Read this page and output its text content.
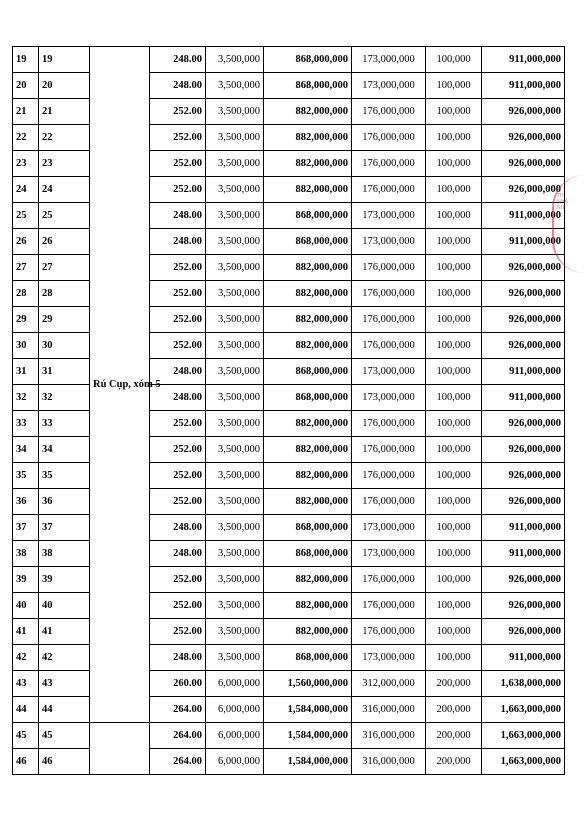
19	19	Rú Cụp, xóm 5	248.00	3,500,000	868,000,000	173,000,000	100,000	911,000,000
20	20		248.00	3,500,000	868,000,000	173,000,000	100,000	911,000,000
21	21		252.00	3,500,000	882,000,000	176,000,000	100,000	926,000,000
22	22		252.00	3,500,000	882,000,000	176,000,000	100,000	926,000,000
23	23		252.00	3,500,000	882,000,000	176,000,000	100,000	926,000,000
24	24		252.00	3,500,000	882,000,000	176,000,000	100,000	926,000,000
25	25		248.00	3,500,000	868,000,000	173,000,000	100,000	911,000,000
26	26		248.00	3,500,000	868,000,000	173,000,000	100,000	911,000,000
27	27		252.00	3,500,000	882,000,000	176,000,000	100,000	926,000,000
28	28		252.00	3,500,000	882,000,000	176,000,000	100,000	926,000,000
29	29		252.00	3,500,000	882,000,000	176,000,000	100,000	926,000,000
30	30		252.00	3,500,000	882,000,000	176,000,000	100,000	926,000,000
31	31		248.00	3,500,000	868,000,000	173,000,000	100,000	911,000,000
32	32		248.00	3,500,000	868,000,000	173,000,000	100,000	911,000,000
33	33		252.00	3,500,000	882,000,000	176,000,000	100,000	926,000,000
34	34		252.00	3,500,000	882,000,000	176,000,000	100,000	926,000,000
35	35		252.00	3,500,000	882,000,000	176,000,000	100,000	926,000,000
36	36		252.00	3,500,000	882,000,000	176,000,000	100,000	926,000,000
37	37		248.00	3,500,000	868,000,000	173,000,000	100,000	911,000,000
38	38		248.00	3,500,000	868,000,000	173,000,000	100,000	911,000,000
39	39		252.00	3,500,000	882,000,000	176,000,000	100,000	926,000,000
40	40		252.00	3,500,000	882,000,000	176,000,000	100,000	926,000,000
41	41		252.00	3,500,000	882,000,000	176,000,000	100,000	926,000,000
42	42		248.00	3,500,000	868,000,000	173,000,000	100,000	911,000,000
43	43		260.00	6,000,000	1,560,000,000	312,000,000	200,000	1,638,000,000
44	44		264.00	6,000,000	1,584,000,000	316,000,000	200,000	1,663,000,000
45	45		264.00	6,000,000	1,584,000,000	316,000,000	200,000	1,663,000,000
46	46		264.00	6,000,000	1,584,000,000	316,000,000	200,000	1,663,000,000
TH
NHÀ
NƯ
